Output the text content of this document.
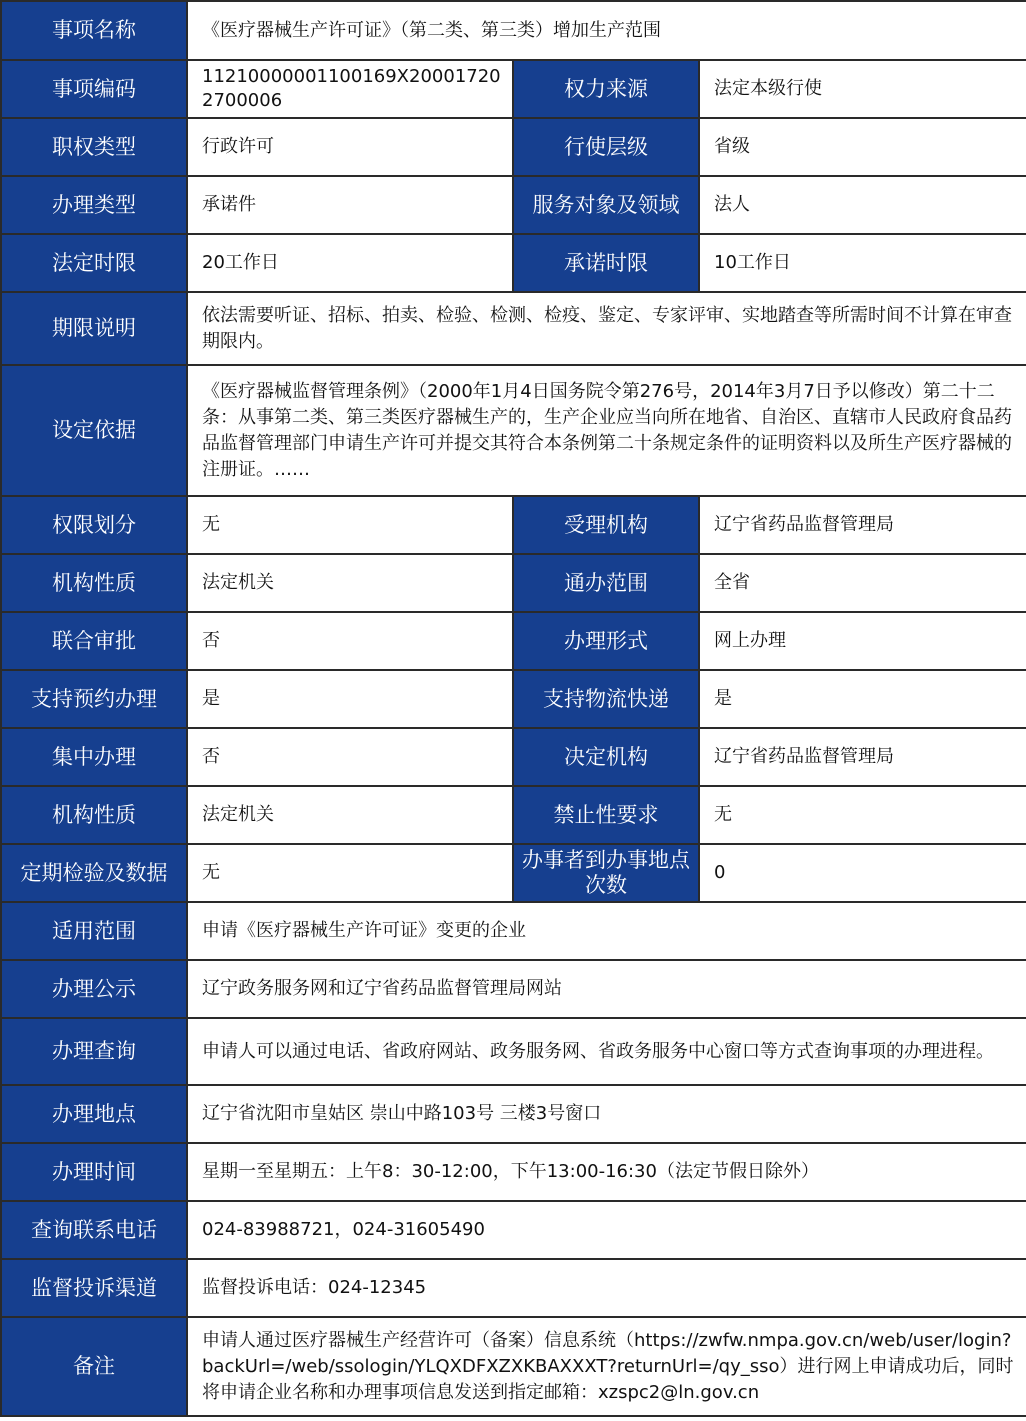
事项名称	《医疗器械生产许可证》（第二类、第三类）增加生产范围		
事项编码	11210000001100169X200017202700006	权力来源	法定本级行使
职权类型	行政许可	行使层级	省级
办理类型	承诺件	服务对象及领域	法人
法定时限	20工作日	承诺时限	10工作日
期限说明	依法需要听证、招标、拍卖、检验、检测、检疫、鉴定、专家评审、实地踏查等所需时间不计算在审查期限内。		
设定依据	《医疗器械监督管理条例》（2000年1月4日国务院令第276号，2014年3月7日予以修改）第二十二条：从事第二类、第三类医疗器械生产的，生产企业应当向所在地省、自治区、直辖市人民政府食品药品监督管理部门申请生产许可并提交其符合本条例第二十条规定条件的证明资料以及所生产医疗器械的注册证。……		
权限划分	无	受理机构	辽宁省药品监督管理局
机构性质	法定机关	通办范围	全省
联合审批	否	办理形式	网上办理
支持预约办理	是	支持物流快递	是
集中办理	否	决定机构	辽宁省药品监督管理局
机构性质	法定机关	禁止性要求	无
定期检验及数据	无	办事者到办事地点次数	0
适用范围	申请《医疗器械生产许可证》变更的企业		
办理公示	辽宁政务服务网和辽宁省药品监督管理局网站		
办理查询	申请人可以通过电话、省政府网站、政务服务网、省政务服务中心窗口等方式查询事项的办理进程。		
办理地点	辽宁省沈阳市皇姑区 崇山中路103号 三楼3号窗口		
办理时间	星期一至星期五：上午8：30-12:00，下午13:00-16:30（法定节假日除外）		
查询联系电话	024-83988721，024-31605490		
监督投诉渠道	监督投诉电话：024-12345		
备注	申请人通过医疗器械生产经营许可（备案）信息系统（https://zwfw.nmpa.gov.cn/web/user/login?backUrl=/web/ssologin/YLQXDFXZXKBAXXXT?returnUrl=/qy_sso）进行网上申请成功后，同时将申请企业名称和办理事项信息发送到指定邮箱：xzspc2@ln.gov.cn		
